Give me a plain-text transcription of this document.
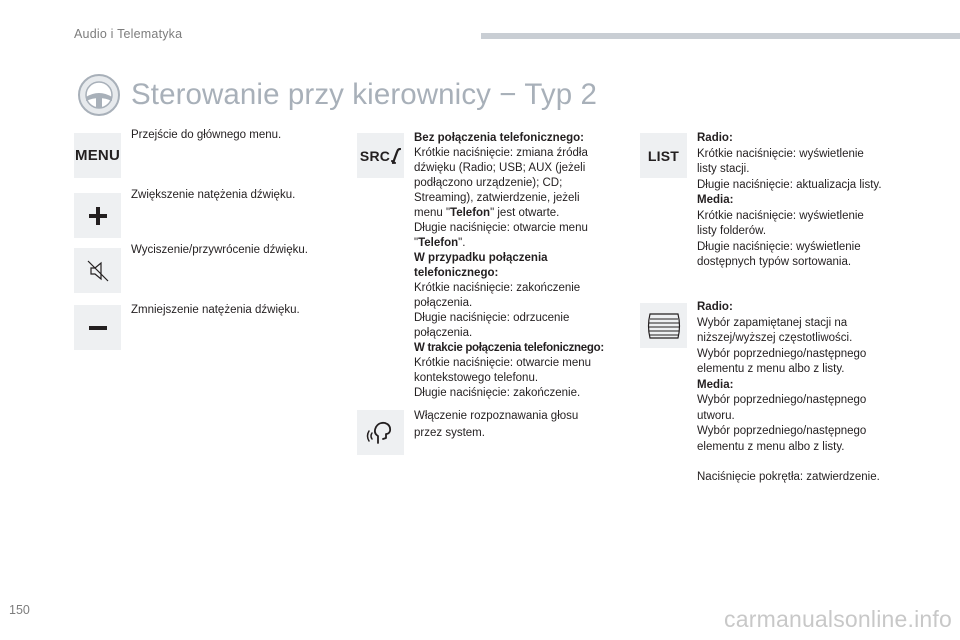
Audio i Telematyka
Sterowanie przy kierownicy − Typ 2
MENU
Przejście do głównego menu.
Zwiększenie natężenia dźwięku.
Wyciszenie/przywrócenie dźwięku.
Zmniejszenie natężenia dźwięku.
SRC
Bez połączenia telefonicznego:
Krótkie naciśnięcie: zmiana źródła
dźwięku (Radio; USB; AUX (jeżeli
podłączono urządzenie); CD;
Streaming), zatwierdzenie, jeżeli
menu "Telefon" jest otwarte.
Długie naciśnięcie: otwarcie menu
"Telefon".
W przypadku połączenia
telefonicznego:
Krótkie naciśnięcie: zakończenie
połączenia.
Długie naciśnięcie: odrzucenie
połączenia.
W trakcie połączenia telefonicznego:
Krótkie naciśnięcie: otwarcie menu
kontekstowego telefonu.
Długie naciśnięcie: zakończenie.
Włączenie rozpoznawania głosu
przez system.
LIST
Radio:
Krótkie naciśnięcie: wyświetlenie
listy stacji.
Długie naciśnięcie: aktualizacja listy.
Media:
Krótkie naciśnięcie: wyświetlenie
listy folderów.
Długie naciśnięcie: wyświetlenie
dostępnych typów sortowania.
Radio:
Wybór zapamiętanej stacji na
niższej/wyższej częstotliwości.
Wybór poprzedniego/następnego
elementu z menu albo z listy.
Media:
Wybór poprzedniego/następnego
utworu.
Wybór poprzedniego/następnego
elementu z menu albo z listy.
Naciśnięcie pokrętła: zatwierdzenie.
150	carmanualsonline.info
